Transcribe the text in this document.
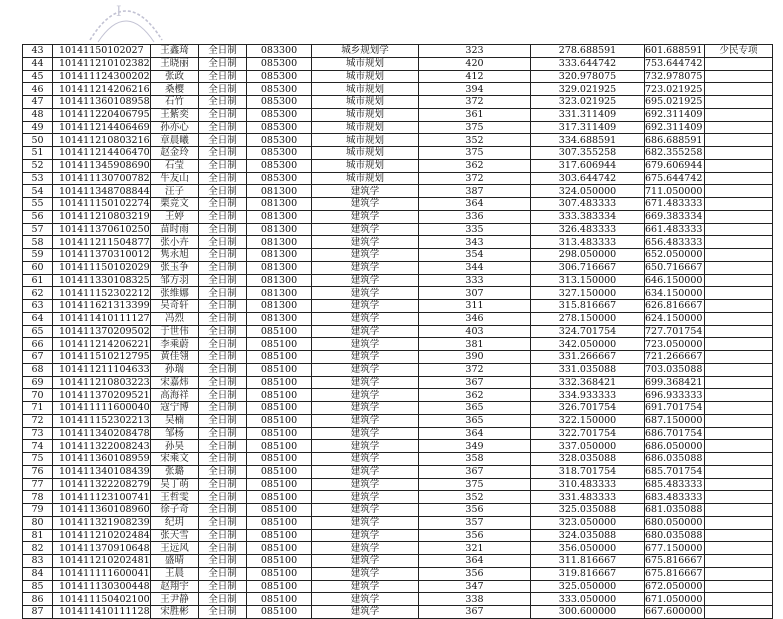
I
43	10141150102027	王鑫琦	全日制	083300	城乡规划学	323	278.688591	601.688591	少民专项
44	101411210102382	王晓丽	全日制	085300	城市规划	420	333.644742	753.644742	
45	101411124300202	张政	全日制	085300	城市规划	412	320.978075	732.978075	
46	101411214206216	桑樱	全日制	085300	城市规划	394	329.021925	723.021925	
47	101411360108958	石竹	全日制	085300	城市规划	372	323.021925	695.021925	
48	101411220406795	王紫奕	全日制	085300	城市规划	361	331.311409	692.311409	
49	101411214406469	孙亦心	全日制	085300	城市规划	375	317.311409	692.311409	
50	101411210803216	章晨曦	全日制	085300	城市规划	352	334.688591	686.688591	
51	101411214406470	赵金玲	全日制	085300	城市规划	375	307.355258	682.355258	
52	101411345908690	石莹	全日制	085300	城市规划	362	317.606944	679.606944	
53	101411130700782	牛友山	全日制	085300	城市规划	372	303.644742	675.644742	
54	101411348708844	汪子	全日制	081300	建筑学	387	324.050000	711.050000	
55	101411150102274	栗竞文	全日制	081300	建筑学	364	307.483333	671.483333	
56	101411210803219	王婷	全日制	081300	建筑学	336	333.383334	669.383334	
57	101411370610250	苗时雨	全日制	081300	建筑学	335	326.483333	661.483333	
58	101411211504877	张小卉	全日制	081300	建筑学	343	313.483333	656.483333	
59	101411370310012	隽永旭	全日制	081300	建筑学	354	298.050000	652.050000	
60	101411150102029	张玉争	全日制	081300	建筑学	344	306.716667	650.716667	
61	101411330108325	邹方羽	全日制	081300	建筑学	333	313.150000	646.150000	
62	101411152302212	张维娜	全日制	081300	建筑学	307	327.150000	634.150000	
63	101411621313399	吴奇轩	全日制	081300	建筑学	311	315.816667	626.816667	
64	101411410111127	冯烈	全日制	081300	建筑学	346	278.150000	624.150000	
65	101411370209502	于世伟	全日制	085100	建筑学	403	324.701754	727.701754	
66	101411214206221	李乘蔚	全日制	085100	建筑学	381	342.050000	723.050000	
67	101411510212795	黄佳翎	全日制	085100	建筑学	390	331.266667	721.266667	
68	101411211104633	孙瑞	全日制	085100	建筑学	372	331.035088	703.035088	
69	101411210803223	宋嘉炜	全日制	085100	建筑学	367	332.368421	699.368421	
70	101411370209521	高海祥	全日制	085100	建筑学	362	334.933333	696.933333	
71	101411111600040	寇宁博	全日制	085100	建筑学	365	326.701754	691.701754	
72	101411152302213	吴楠	全日制	085100	建筑学	365	322.150000	687.150000	
73	101411340208478	邹杨	全日制	085100	建筑学	364	322.701754	686.701754	
74	101411322008243	孙昊	全日制	085100	建筑学	349	337.050000	686.050000	
75	101411360108959	宋乘文	全日制	085100	建筑学	358	328.035088	686.035088	
76	101411340108439	张璐	全日制	085100	建筑学	367	318.701754	685.701754	
77	101411322208279	吴丁萌	全日制	085100	建筑学	375	310.483333	685.483333	
78	101411123100741	王哲雯	全日制	085100	建筑学	352	331.483333	683.483333	
79	101411360108960	徐子奇	全日制	085100	建筑学	356	325.035088	681.035088	
80	101411321908239	纪玥	全日制	085100	建筑学	357	323.050000	680.050000	
81	101411210202484	张天雪	全日制	085100	建筑学	356	324.035088	680.035088	
82	101411370910648	王远风	全日制	085100	建筑学	321	356.050000	677.150000	
83	101411210202481	盛晴	全日制	085100	建筑学	364	311.816667	675.816667	
84	101411111600041	王晨	全日制	085100	建筑学	356	319.816667	675.816667	
85	101411130300448	赵翔宇	全日制	085100	建筑学	347	325.050000	672.050000	
86	101411150402100	王尹静	全日制	085100	建筑学	338	333.050000	671.050000	
87	101411410111128	宋胜彬	全日制	085100	建筑学	367	300.600000	667.600000	
